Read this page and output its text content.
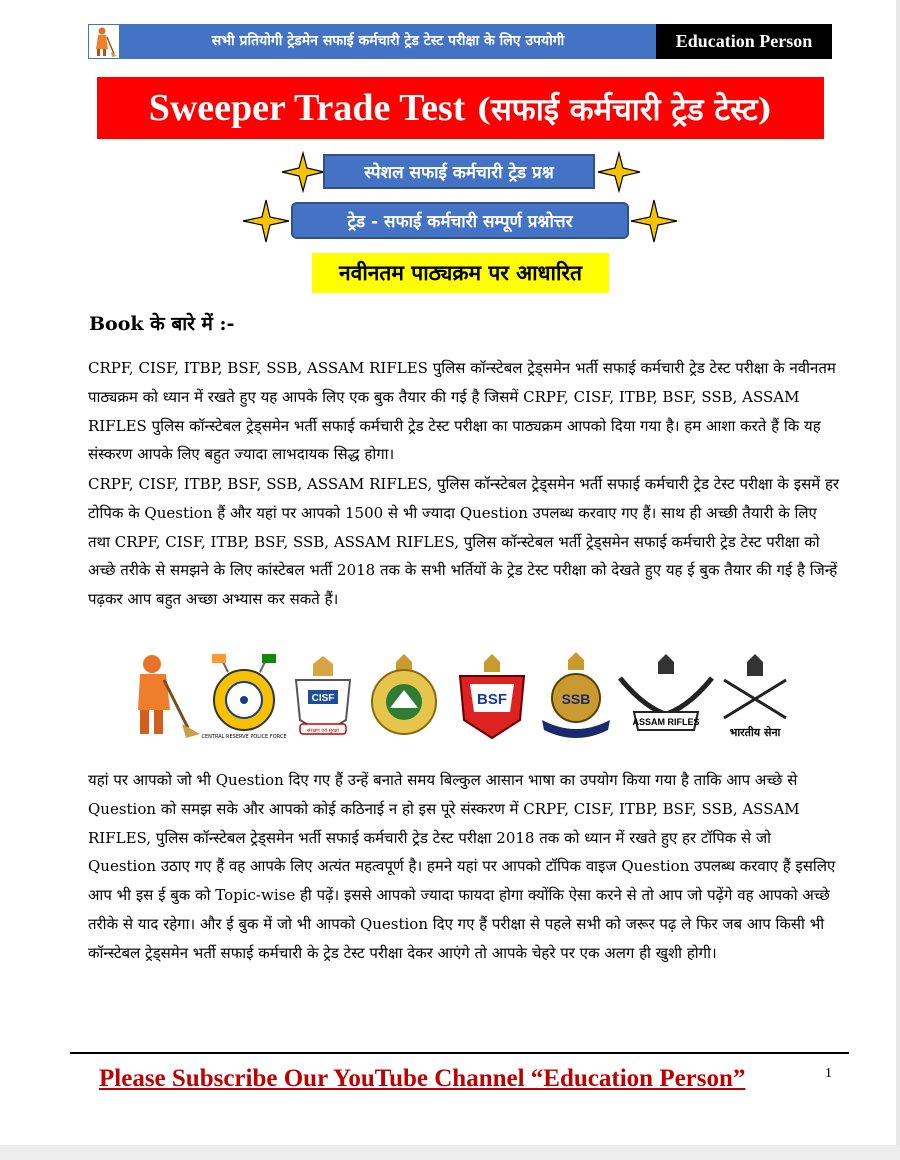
सभी प्रतियोगी ट्रेडमेन सफाई कर्मचारी ट्रेड टेस्ट परीक्षा के लिए उपयोगी	Education Person
Sweeper Trade Test (सफाई कर्मचारी ट्रेड टेस्ट)
स्पेशल सफाई कर्मचारी ट्रेड प्रश्न
ट्रेड - सफाई कर्मचारी सम्पूर्ण प्रश्नोत्तर
नवीनतम पाठ्यक्रम पर आधारित
Book के बारे में :-

CRPF, CISF, ITBP, BSF, SSB, ASSAM RIFLES पुलिस कॉन्स्टेबल ट्रेड्समेन भर्ती सफाई कर्मचारी ट्रेड टेस्ट परीक्षा के नवीनतम पाठ्यक्रम को ध्यान में रखते हुए यह आपके लिए एक बुक तैयार की गई है जिसमें CRPF, CISF, ITBP, BSF, SSB, ASSAM RIFLES पुलिस कॉन्स्टेबल ट्रेड्समेन भर्ती सफाई कर्मचारी ट्रेड टेस्ट परीक्षा का पाठ्यक्रम आपको दिया गया है। हम आशा करते हैं कि यह संस्करण आपके लिए बहुत ज्यादा लाभदायक सिद्ध होगा।

CRPF, CISF, ITBP, BSF, SSB, ASSAM RIFLES, पुलिस कॉन्स्टेबल ट्रेड्समेन भर्ती सफाई कर्मचारी ट्रेड टेस्ट परीक्षा के इसमें हर टोपिक के Question हैं और यहां पर आपको 1500 से भी ज्यादा Question उपलब्ध करवाए गए हैं। साथ ही अच्छी तैयारी के लिए तथा CRPF, CISF, ITBP, BSF, SSB, ASSAM RIFLES, पुलिस कॉन्स्टेबल भर्ती ट्रेड्समेन सफाई कर्मचारी ट्रेड टेस्ट परीक्षा को अच्छे तरीके से समझने के लिए कांस्टेबल भर्ती 2018 तक के सभी भर्तियों के ट्रेड टेस्ट परीक्षा को देखते हुए यह ई बुक तैयार की गई है जिन्हें पढ़कर आप बहुत अच्छा अभ्यास कर सकते हैं।

CENTRAL RESERVE POLICE FORCE
CISF
संरक्षण एवं सुरक्षा
BSF	SSB
ASSAM RIFLES
भारतीय सेना

यहां पर आपको जो भी Question दिए गए हैं उन्हें बनाते समय बिल्कुल आसान भाषा का उपयोग किया गया है ताकि आप अच्छे से Question को समझ सके और आपको कोई कठिनाई न हो इस पूरे संस्करण में CRPF, CISF, ITBP, BSF, SSB, ASSAM RIFLES, पुलिस कॉन्स्टेबल ट्रेड्समेन भर्ती सफाई कर्मचारी ट्रेड टेस्ट परीक्षा 2018 तक को ध्यान में रखते हुए हर टॉपिक से जो Question उठाए गए हैं वह आपके लिए अत्यंत महत्वपूर्ण है। हमने यहां पर आपको टॉपिक वाइज Question उपलब्ध करवाए हैं इसलिए आप भी इस ई बुक को Topic-wise ही पढ़ें। इससे आपको ज्यादा फायदा होगा क्योंकि ऐसा करने से तो आप जो पढ़ेंगे वह आपको अच्छे तरीके से याद रहेगा। और ई बुक में जो भी आपको Question दिए गए हैं परीक्षा से पहले सभी को जरूर पढ़ ले फिर जब आप किसी भी कॉन्स्टेबल ट्रेड्समेन भर्ती सफाई कर्मचारी के ट्रेड टेस्ट परीक्षा देकर आएंगे तो आपके चेहरे पर एक अलग ही खुशी होगी।

Please Subscribe Our YouTube Channel “Education Person”	1
